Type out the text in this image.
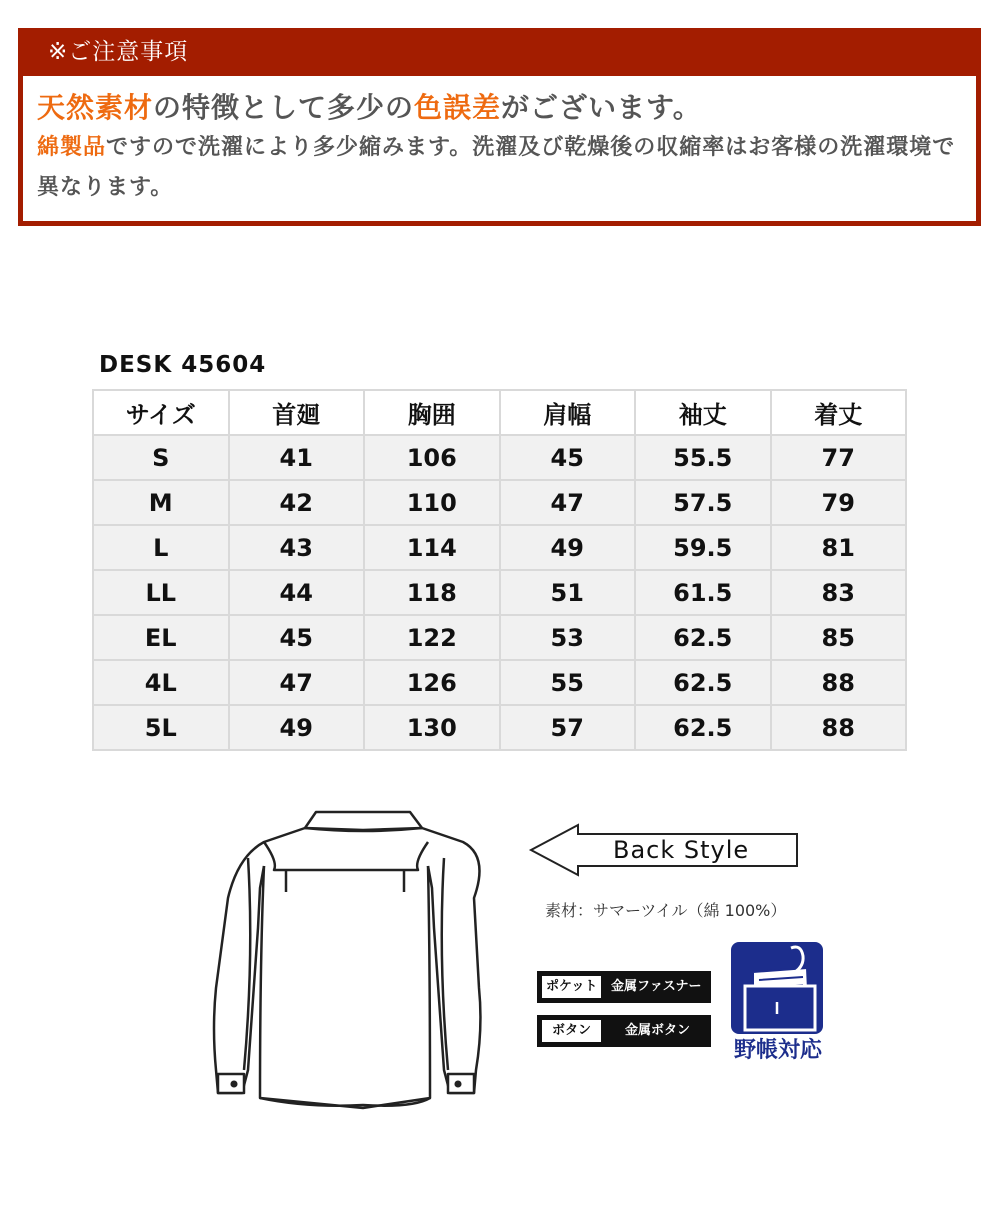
※ご注意事項
天然素材の特徴として多少の色誤差がございます。
綿製品ですので洗濯により多少縮みます。洗濯及び乾燥後の収縮率はお客様の洗濯環境で異なります。
DESK 45604
サイズ	首廻	胸囲	肩幅	袖丈	着丈
S	41	106	45	55.5	77
M	42	110	47	57.5	79
L	43	114	49	59.5	81
LL	44	118	51	61.5	83
EL	45	122	53	62.5	85
4L	47	126	55	62.5	88
5L	49	130	57	62.5	88
Back Style
素材：サマーツイル（綿 100%）
ポケット	金属ファスナー
ボタン	金属ボタン
野帳対応
